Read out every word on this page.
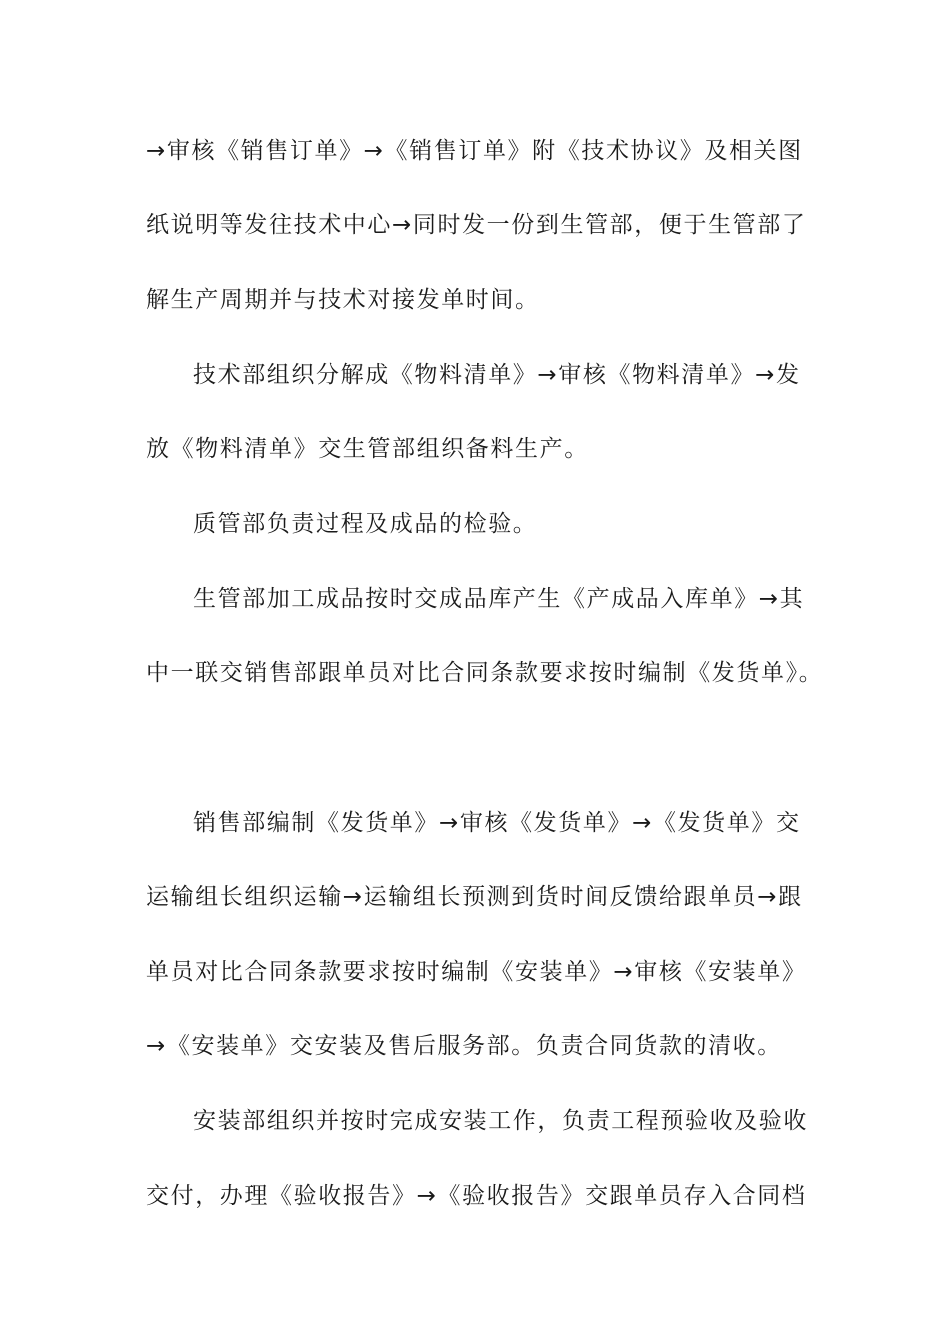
→审核《销售订单》→《销售订单》附《技术协议》及相关图
纸说明等发往技术中心→同时发一份到生管部，便于生管部了
解生产周期并与技术对接发单时间。
技术部组织分解成《物料清单》→审核《物料清单》→发
放《物料清单》交生管部组织备料生产。
质管部负责过程及成品的检验。
生管部加工成品按时交成品库产生《产成品入库单》→其
中一联交销售部跟单员对比合同条款要求按时编制《发货单》。
销售部编制《发货单》→审核《发货单》→《发货单》交
运输组长组织运输→运输组长预测到货时间反馈给跟单员→跟
单员对比合同条款要求按时编制《安装单》→审核《安装单》
→《安装单》交安装及售后服务部。负责合同货款的清收。
安装部组织并按时完成安装工作，负责工程预验收及验收
交付，办理《验收报告》→《验收报告》交跟单员存入合同档
